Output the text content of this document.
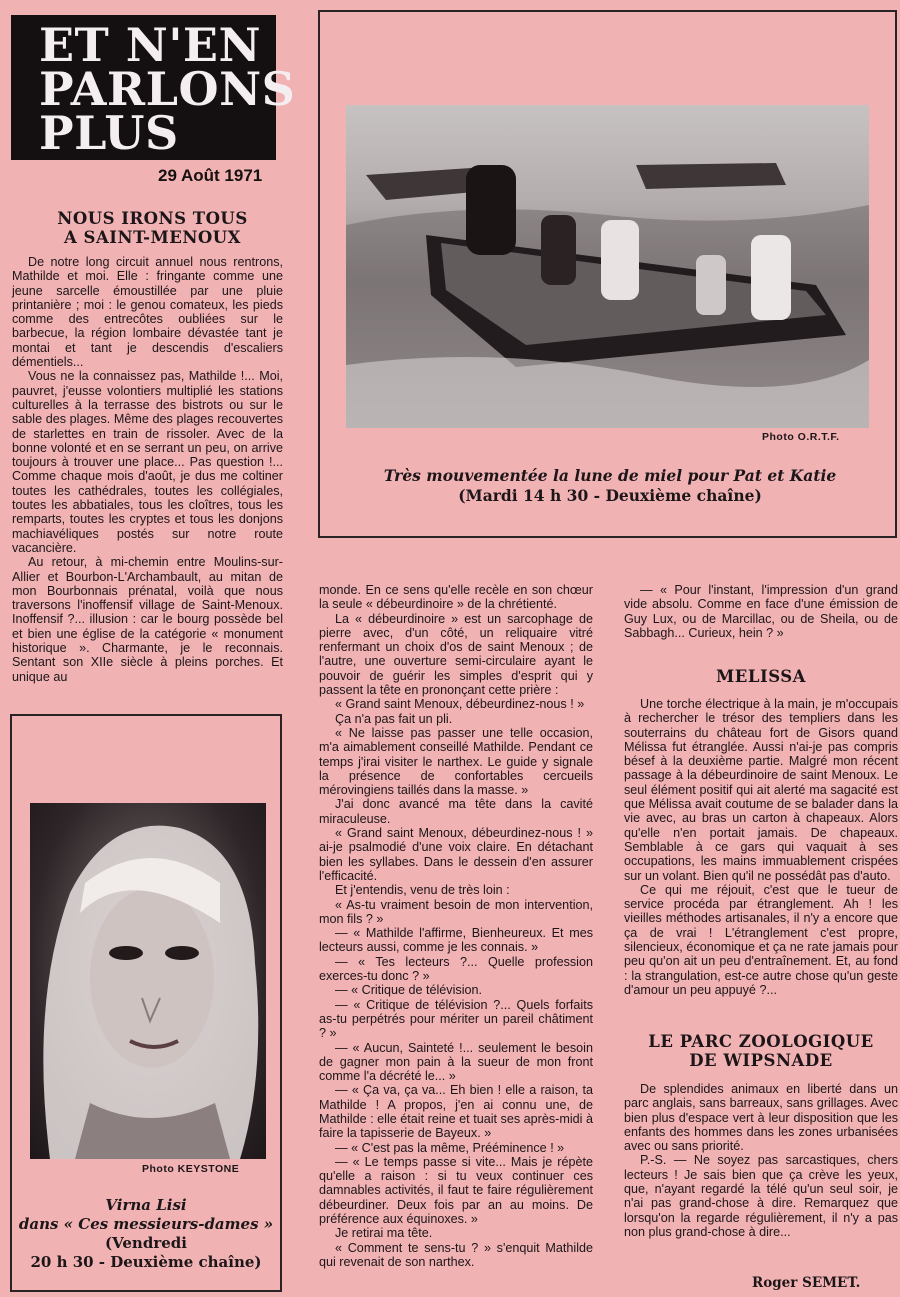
ET N'EN
PARLONS
PLUS
29 Août 1971
NOUS IRONS TOUS
A SAINT-MENOUX

De notre long circuit annuel nous rentrons, Mathilde et moi. Elle : fringante comme une jeune sarcelle émoustillée par une pluie printanière ; moi : le genou comateux, les pieds comme des entrecôtes oubliées sur le barbecue, la région lombaire dévastée tant je montai et tant je descendis d'escaliers démentiels...

Vous ne la connaissez pas, Mathilde !... Moi, pauvret, j'eusse volontiers multiplié les stations culturelles à la terrasse des bistrots ou sur le sable des plages. Même des plages recouvertes de starlettes en train de rissoler. Avec de la bonne volonté et en se serrant un peu, on arrive toujours à trouver une place... Pas question !... Comme chaque mois d'août, je dus me coltiner toutes les cathédrales, toutes les collégiales, toutes les abbatiales, tous les cloîtres, tous les remparts, toutes les cryptes et tous les donjons machiavéliques postés sur notre route vacancière.

Au retour, à mi-chemin entre Moulins-sur-Allier et Bourbon-L'Archambault, au mitan de mon Bourbonnais prénatal, voilà que nous traversons l'inoffensif village de Saint-Menoux. Inoffensif ?... illusion : car le bourg possède bel et bien une église de la catégorie « monument historique ». Charmante, je le reconnais. Sentant son XIIe siècle à pleins porches. Et unique au

Photo O.R.T.F.
Très mouvementée la lune de miel pour Pat et Katie
(Mardi 14 h 30 - Deuxième chaîne)

monde. En ce sens qu'elle recèle en son chœur la seule « débeurdinoire » de la chrétienté.

La « débeurdinoire » est un sarcophage de pierre avec, d'un côté, un reliquaire vitré renfermant un choix d'os de saint Menoux ; de l'autre, une ouverture semi-circulaire ayant le pouvoir de guérir les simples d'esprit qui y passent la tête en prononçant cette prière :

« Grand saint Menoux, débeurdinez-nous ! »

Ça n'a pas fait un pli.

« Ne laisse pas passer une telle occasion, m'a aimablement conseillé Mathilde. Pendant ce temps j'irai visiter le narthex. Le guide y signale la présence de confortables cercueils mérovingiens taillés dans la masse. »

J'ai donc avancé ma tête dans la cavité miraculeuse.

« Grand saint Menoux, débeurdinez-nous ! » ai-je psalmodié d'une voix claire. En détachant bien les syllabes. Dans le dessein d'en assurer l'efficacité.

Et j'entendis, venu de très loin :

« As-tu vraiment besoin de mon intervention, mon fils ? »

— « Mathilde l'affirme, Bienheureux. Et mes lecteurs aussi, comme je les connais. »

— « Tes lecteurs ?... Quelle profession exerces-tu donc ? »

— « Critique de télévision.

— « Critique de télévision ?... Quels forfaits as-tu perpétrés pour mériter un pareil châtiment ? »

— « Aucun, Sainteté !... seulement le besoin de gagner mon pain à la sueur de mon front comme l'a décrété le... »

— « Ça va, ça va... Eh bien ! elle a raison, ta Mathilde ! A propos, j'en ai connu une, de Mathilde : elle était reine et tuait ses après-midi à faire la tapisserie de Bayeux. »

— « C'est pas la même, Prééminence ! »

— « Le temps passe si vite... Mais je répète qu'elle a raison : si tu veux continuer ces damnables activités, il faut te faire régulièrement débeurdiner. Deux fois par an au moins. De préférence aux équinoxes. »

Je retirai ma tête.

« Comment te sens-tu ? » s'enquit Mathilde qui revenait de son narthex.

— « Pour l'instant, l'impression d'un grand vide absolu. Comme en face d'une émission de Guy Lux, ou de Marcillac, ou de Sheila, ou de Sabbagh... Curieux, hein ? »

MELISSA

Une torche électrique à la main, je m'occupais à rechercher le trésor des templiers dans les souterrains du château fort de Gisors quand Mélissa fut étranglée. Aussi n'ai-je pas compris bésef à la deuxième partie. Malgré mon récent passage à la débeurdinoire de saint Menoux. Le seul élément positif qui ait alerté ma sagacité est que Mélissa avait coutume de se balader dans la vie avec, au bras un carton à chapeaux. Alors qu'elle n'en portait jamais. De chapeaux. Semblable à ce gars qui vaquait à ses occupations, les mains immuablement crispées sur un volant. Bien qu'il ne possédât pas d'auto.

Ce qui me réjouit, c'est que le tueur de service procéda par étranglement. Ah ! les vieilles méthodes artisanales, il n'y a encore que ça de vrai ! L'étranglement c'est propre, silencieux, économique et ça ne rate jamais pour peu qu'on ait un peu d'entraînement. Et, au fond : la strangulation, est-ce autre chose qu'un geste d'amour un peu appuyé ?...

LE PARC ZOOLOGIQUE
DE WIPSNADE

De splendides animaux en liberté dans un parc anglais, sans barreaux, sans grillages. Avec bien plus d'espace vert à leur disposition que les enfants des hommes dans les zones urbanisées avec ou sans priorité.

P.-S. — Ne soyez pas sarcastiques, chers lecteurs ! Je sais bien que ça crève les yeux, que, n'ayant regardé la télé qu'un seul soir, je n'ai pas grand-chose à dire. Remarquez que lorsqu'on la regarde régulièrement, il n'y a pas non plus grand-chose à dire...

Roger SEMET.
Photo KEYSTONE
Virna Lisi
dans « Ces messieurs-dames »
(Vendredi
20 h 30 - Deuxième chaîne)
